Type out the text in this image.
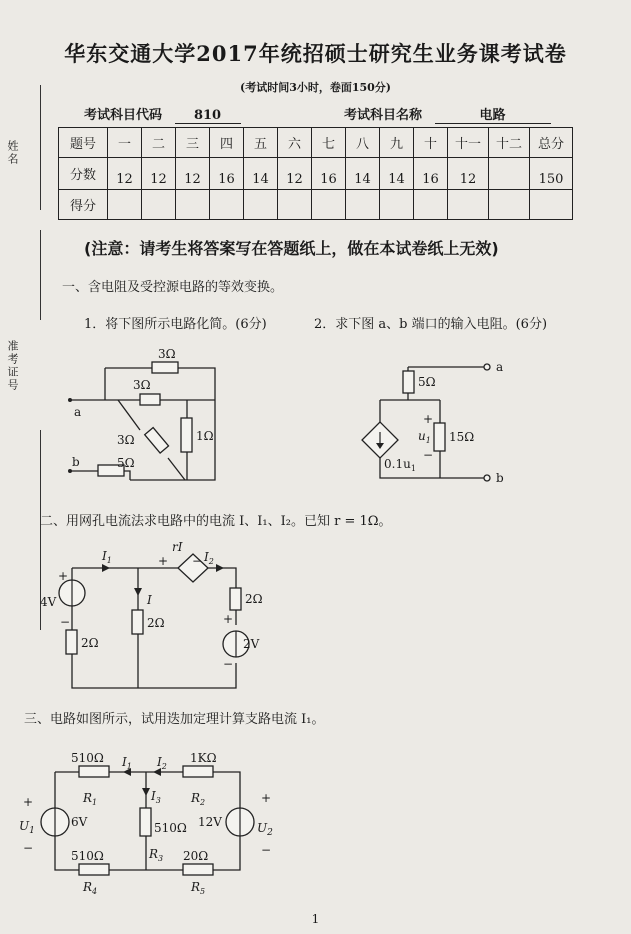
姓名
准考证号
华东交通大学2017年统招硕士研究生业务课考试卷
(考试时间3小时，卷面150分)
考试科目代码 810	考试科目名称	电路
题号	一	二	三	四	五	六	七	八	九	十	十一	十二	总分
分数	12	12	12	16	14	12	16	14	14	16	12		150
得分													
(注意：请考生将答案写在答题纸上，做在本试卷纸上无效)
一、含电阻及受控源电路的等效变换。
1．将下图所示电路化简。(6分)	2．求下图 a、b 端口的输入电阻。(6分)
3Ω
3Ω
3Ω	1Ω
5Ω
a
b
5Ω
15Ω
+
−
$u_1$
$0.1u_1$
a
b
二、用网孔电流法求电路中的电流 I、I₁、I₂。已知 r = 1Ω。
$I_1$
rI
+ − $I_2$
I
4V
+
−
2Ω
2Ω
2Ω
+
2V
−
三、电路如图所示，试用迭加定理计算支路电流 I₁。
510Ω
$R_1$
1KΩ
$R_2$
510Ω
$R_3$
510Ω
$R_4$
20Ω
$R_5$
6V
$U_1$
+
−
12V	$U_2$
+
−
$I_1$ $I_2$
$I_3$
1
